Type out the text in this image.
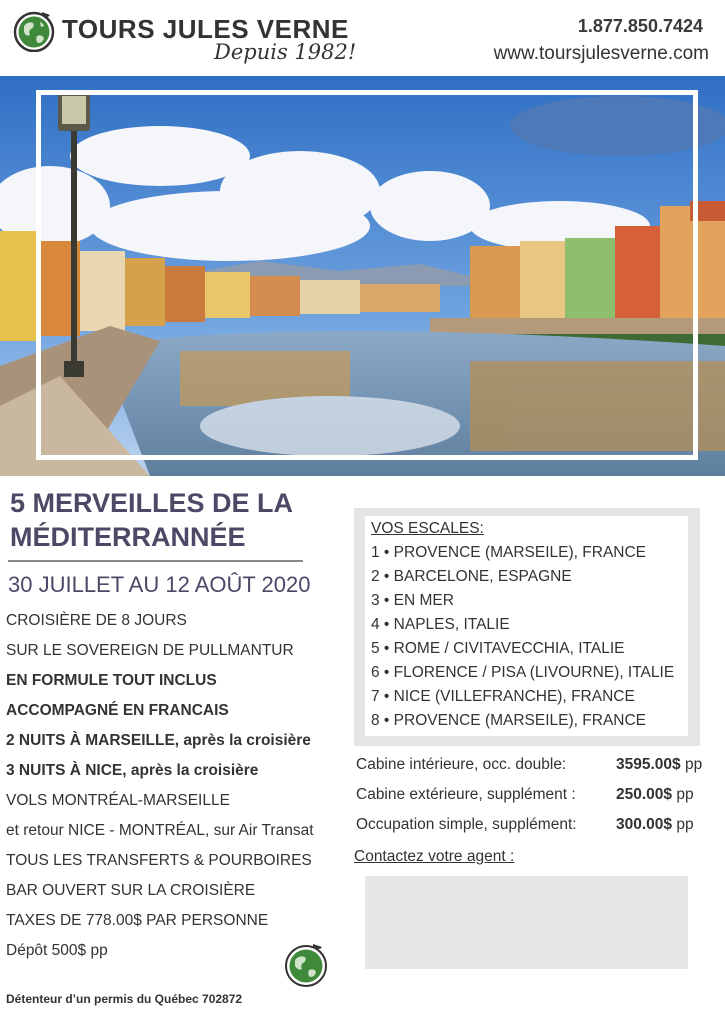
TOURS JULES VERNE
Depuis 1982!
1.877.850.7424
www.toursjulesverne.com
5 MERVEILLES DE LA
MÉDITERRANNÉE
30 JUILLET AU 12 AOÛT 2020
CROISIÈRE DE 8 JOURS
SUR LE SOVEREIGN DE PULLMANTUR
EN FORMULE TOUT INCLUS
ACCOMPAGNÉ EN FRANCAIS
2 NUITS À MARSEILLE, après la croisière
3 NUITS À NICE, après la croisière
VOLS MONTRÉAL-MARSEILLE
et retour NICE - MONTRÉAL, sur Air Transat
TOUS LES TRANSFERTS & POURBOIRES
BAR OUVERT SUR LA CROISIÈRE
TAXES DE 778.00$ PAR PERSONNE
Dépôt 500$ pp
Détenteur d’un permis du Québec 702872
VOS ESCALES:
1 • PROVENCE (MARSEILE), FRANCE
2 • BARCELONE, ESPAGNE
3 • EN MER
4 • NAPLES, ITALIE
5 • ROME / CIVITAVECCHIA, ITALIE
6 • FLORENCE / PISA (LIVOURNE), ITALIE
7 • NICE (VILLEFRANCHE), FRANCE
8 • PROVENCE (MARSEILE), FRANCE
Cabine intérieure, occ. double:	3595.00$ pp
Cabine extérieure, supplément :	250.00$ pp
Occupation simple, supplément:	300.00$ pp
Contactez votre agent :
